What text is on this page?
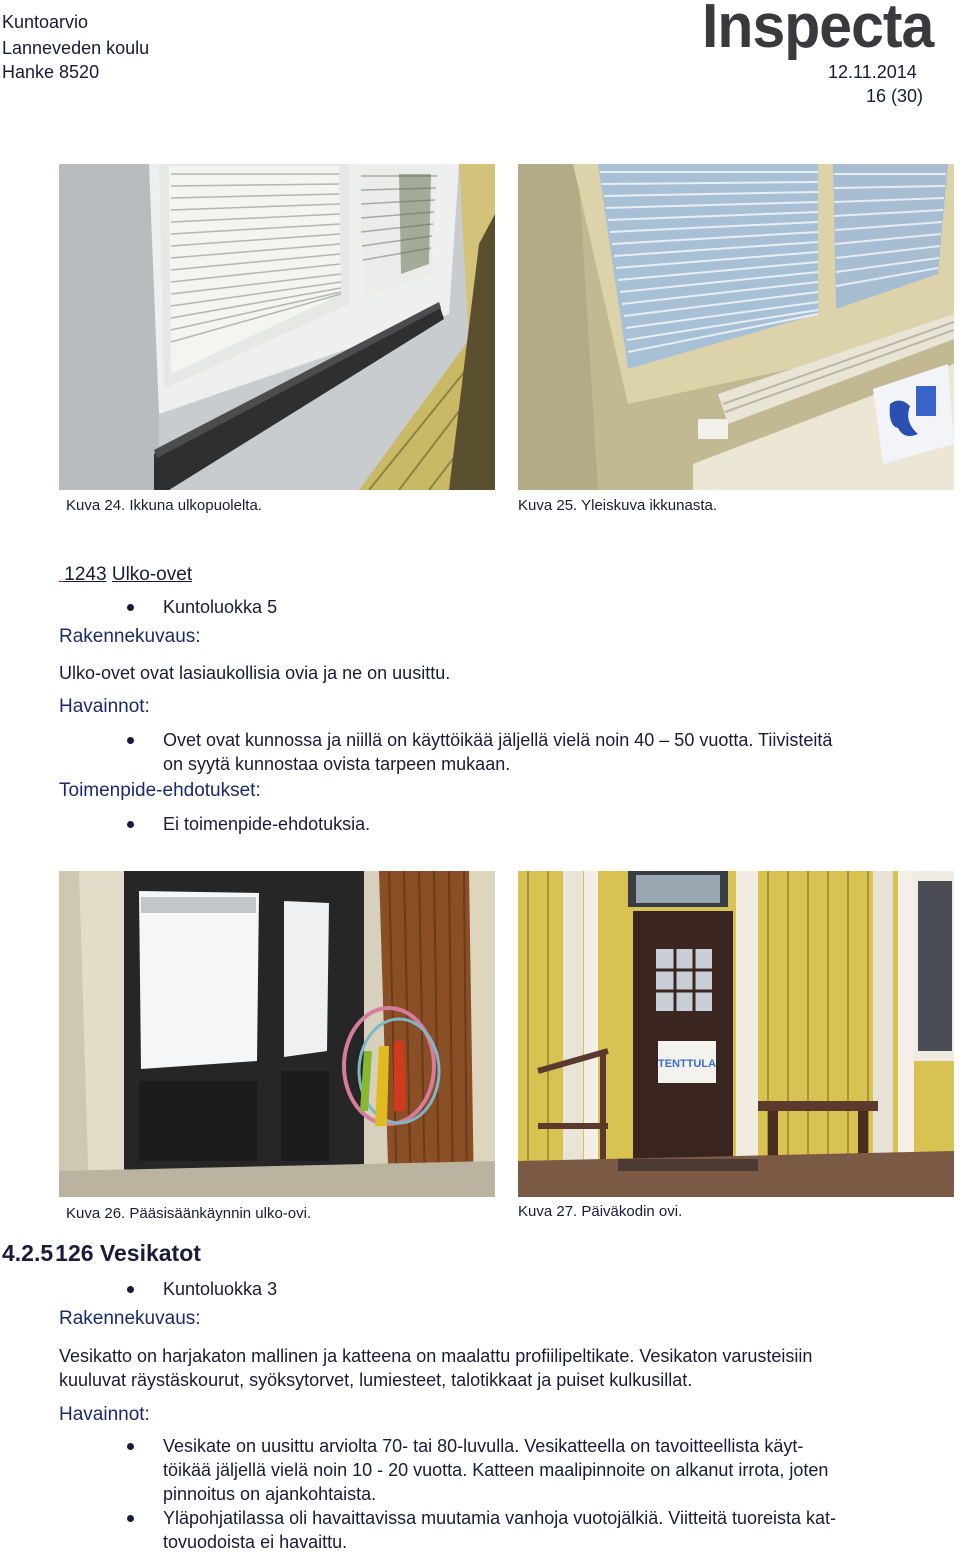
Kuntoarvio
Lanneveden koulu
Hanke 8520
Inspecta
12.11.2014
16 (30)
Kuva 24. Ikkuna ulkopuolelta.	Kuva 25. Yleiskuva ikkunasta.
1243 Ulko-ovet
Kuntoluokka 5
Rakennekuvaus:
Ulko-ovet ovat lasiaukollisia ovia ja ne on uusittu.
Havainnot:
Ovet ovat kunnossa ja niillä on käyttöikää jäljellä vielä noin 40 – 50 vuotta. Tiivisteitä
on syytä kunnostaa ovista tarpeen mukaan.
Toimenpide-ehdotukset:
Ei toimenpide-ehdotuksia.
Kuva 26. Pääsisäänkäynnin ulko-ovi.
TENTTULA
Kuva 27. Päiväkodin ovi.
4.2.5126 Vesikatot
Kuntoluokka 3
Rakennekuvaus:
Vesikatto on harjakaton mallinen ja katteena on maalattu profiilipeltikate. Vesikaton varusteisiin
kuuluvat räystäskourut, syöksytorvet, lumiesteet, talotikkaat ja puiset kulkusillat.
Havainnot:
Vesikate on uusittu arviolta 70- tai 80-luvulla. Vesikatteella on tavoitteellista käyt-
töikää jäljellä vielä noin 10 - 20 vuotta. Katteen maalipinnoite on alkanut irrota, joten
pinnoitus on ajankohtaista.
Yläpohjatilassa oli havaittavissa muutamia vanhoja vuotojälkiä. Viitteitä tuoreista kat-
tovuodoista ei havaittu.
